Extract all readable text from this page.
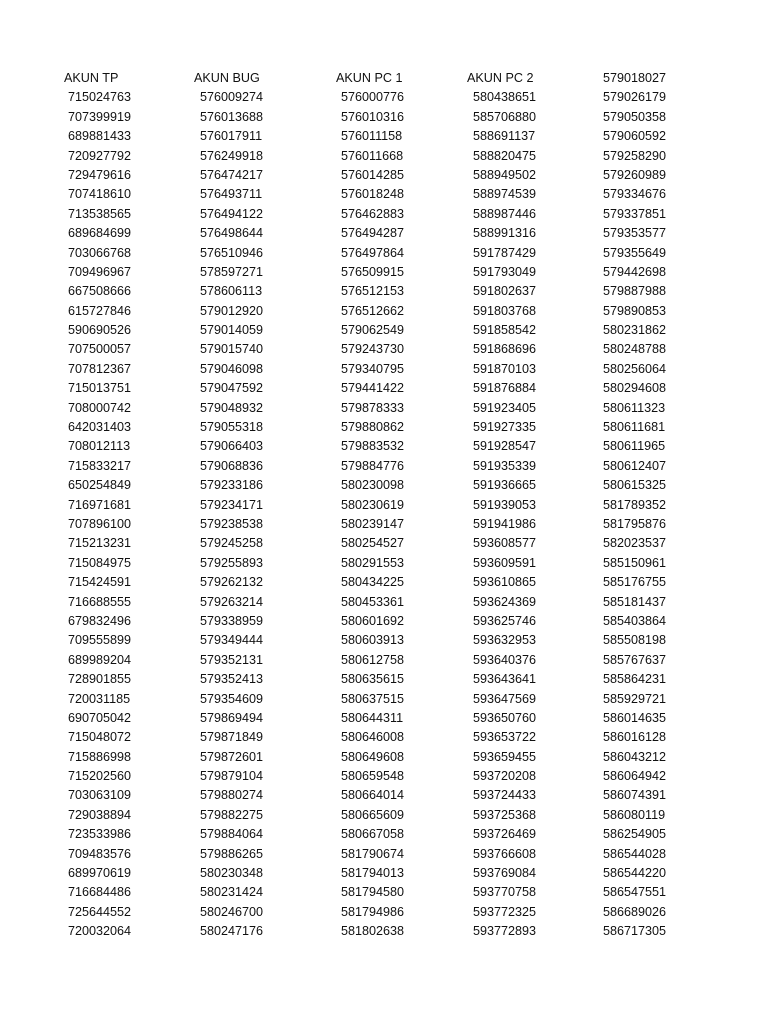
AKUN TP
715024763
707399919
689881433
720927792
729479616
707418610
713538565
689684699
703066768
709496967
667508666
615727846
590690526
707500057
707812367
715013751
708000742
642031403
708012113
715833217
650254849
716971681
707896100
715213231
715084975
715424591
716688555
679832496
709555899
689989204
728901855
720031185
690705042
715048072
715886998
715202560
703063109
729038894
723533986
709483576
689970619
716684486
725644552
720032064
AKUN BUG
576009274
576013688
576017911
576249918
576474217
576493711
576494122
576498644
576510946
578597271
578606113
579012920
579014059
579015740
579046098
579047592
579048932
579055318
579066403
579068836
579233186
579234171
579238538
579245258
579255893
579262132
579263214
579338959
579349444
579352131
579352413
579354609
579869494
579871849
579872601
579879104
579880274
579882275
579884064
579886265
580230348
580231424
580246700
580247176
AKUN PC 1
576000776
576010316
576011158
576011668
576014285
576018248
576462883
576494287
576497864
576509915
576512153
576512662
579062549
579243730
579340795
579441422
579878333
579880862
579883532
579884776
580230098
580230619
580239147
580254527
580291553
580434225
580453361
580601692
580603913
580612758
580635615
580637515
580644311
580646008
580649608
580659548
580664014
580665609
580667058
581790674
581794013
581794580
581794986
581802638
AKUN PC 2
580438651
585706880
588691137
588820475
588949502
588974539
588987446
588991316
591787429
591793049
591802637
591803768
591858542
591868696
591870103
591876884
591923405
591927335
591928547
591935339
591936665
591939053
591941986
593608577
593609591
593610865
593624369
593625746
593632953
593640376
593643641
593647569
593650760
593653722
593659455
593720208
593724433
593725368
593726469
593766608
593769084
593770758
593772325
593772893
579018027
579026179
579050358
579060592
579258290
579260989
579334676
579337851
579353577
579355649
579442698
579887988
579890853
580231862
580248788
580256064
580294608
580611323
580611681
580611965
580612407
580615325
581789352
581795876
582023537
585150961
585176755
585181437
585403864
585508198
585767637
585864231
585929721
586014635
586016128
586043212
586064942
586074391
586080119
586254905
586544028
586544220
586547551
586689026
586717305
